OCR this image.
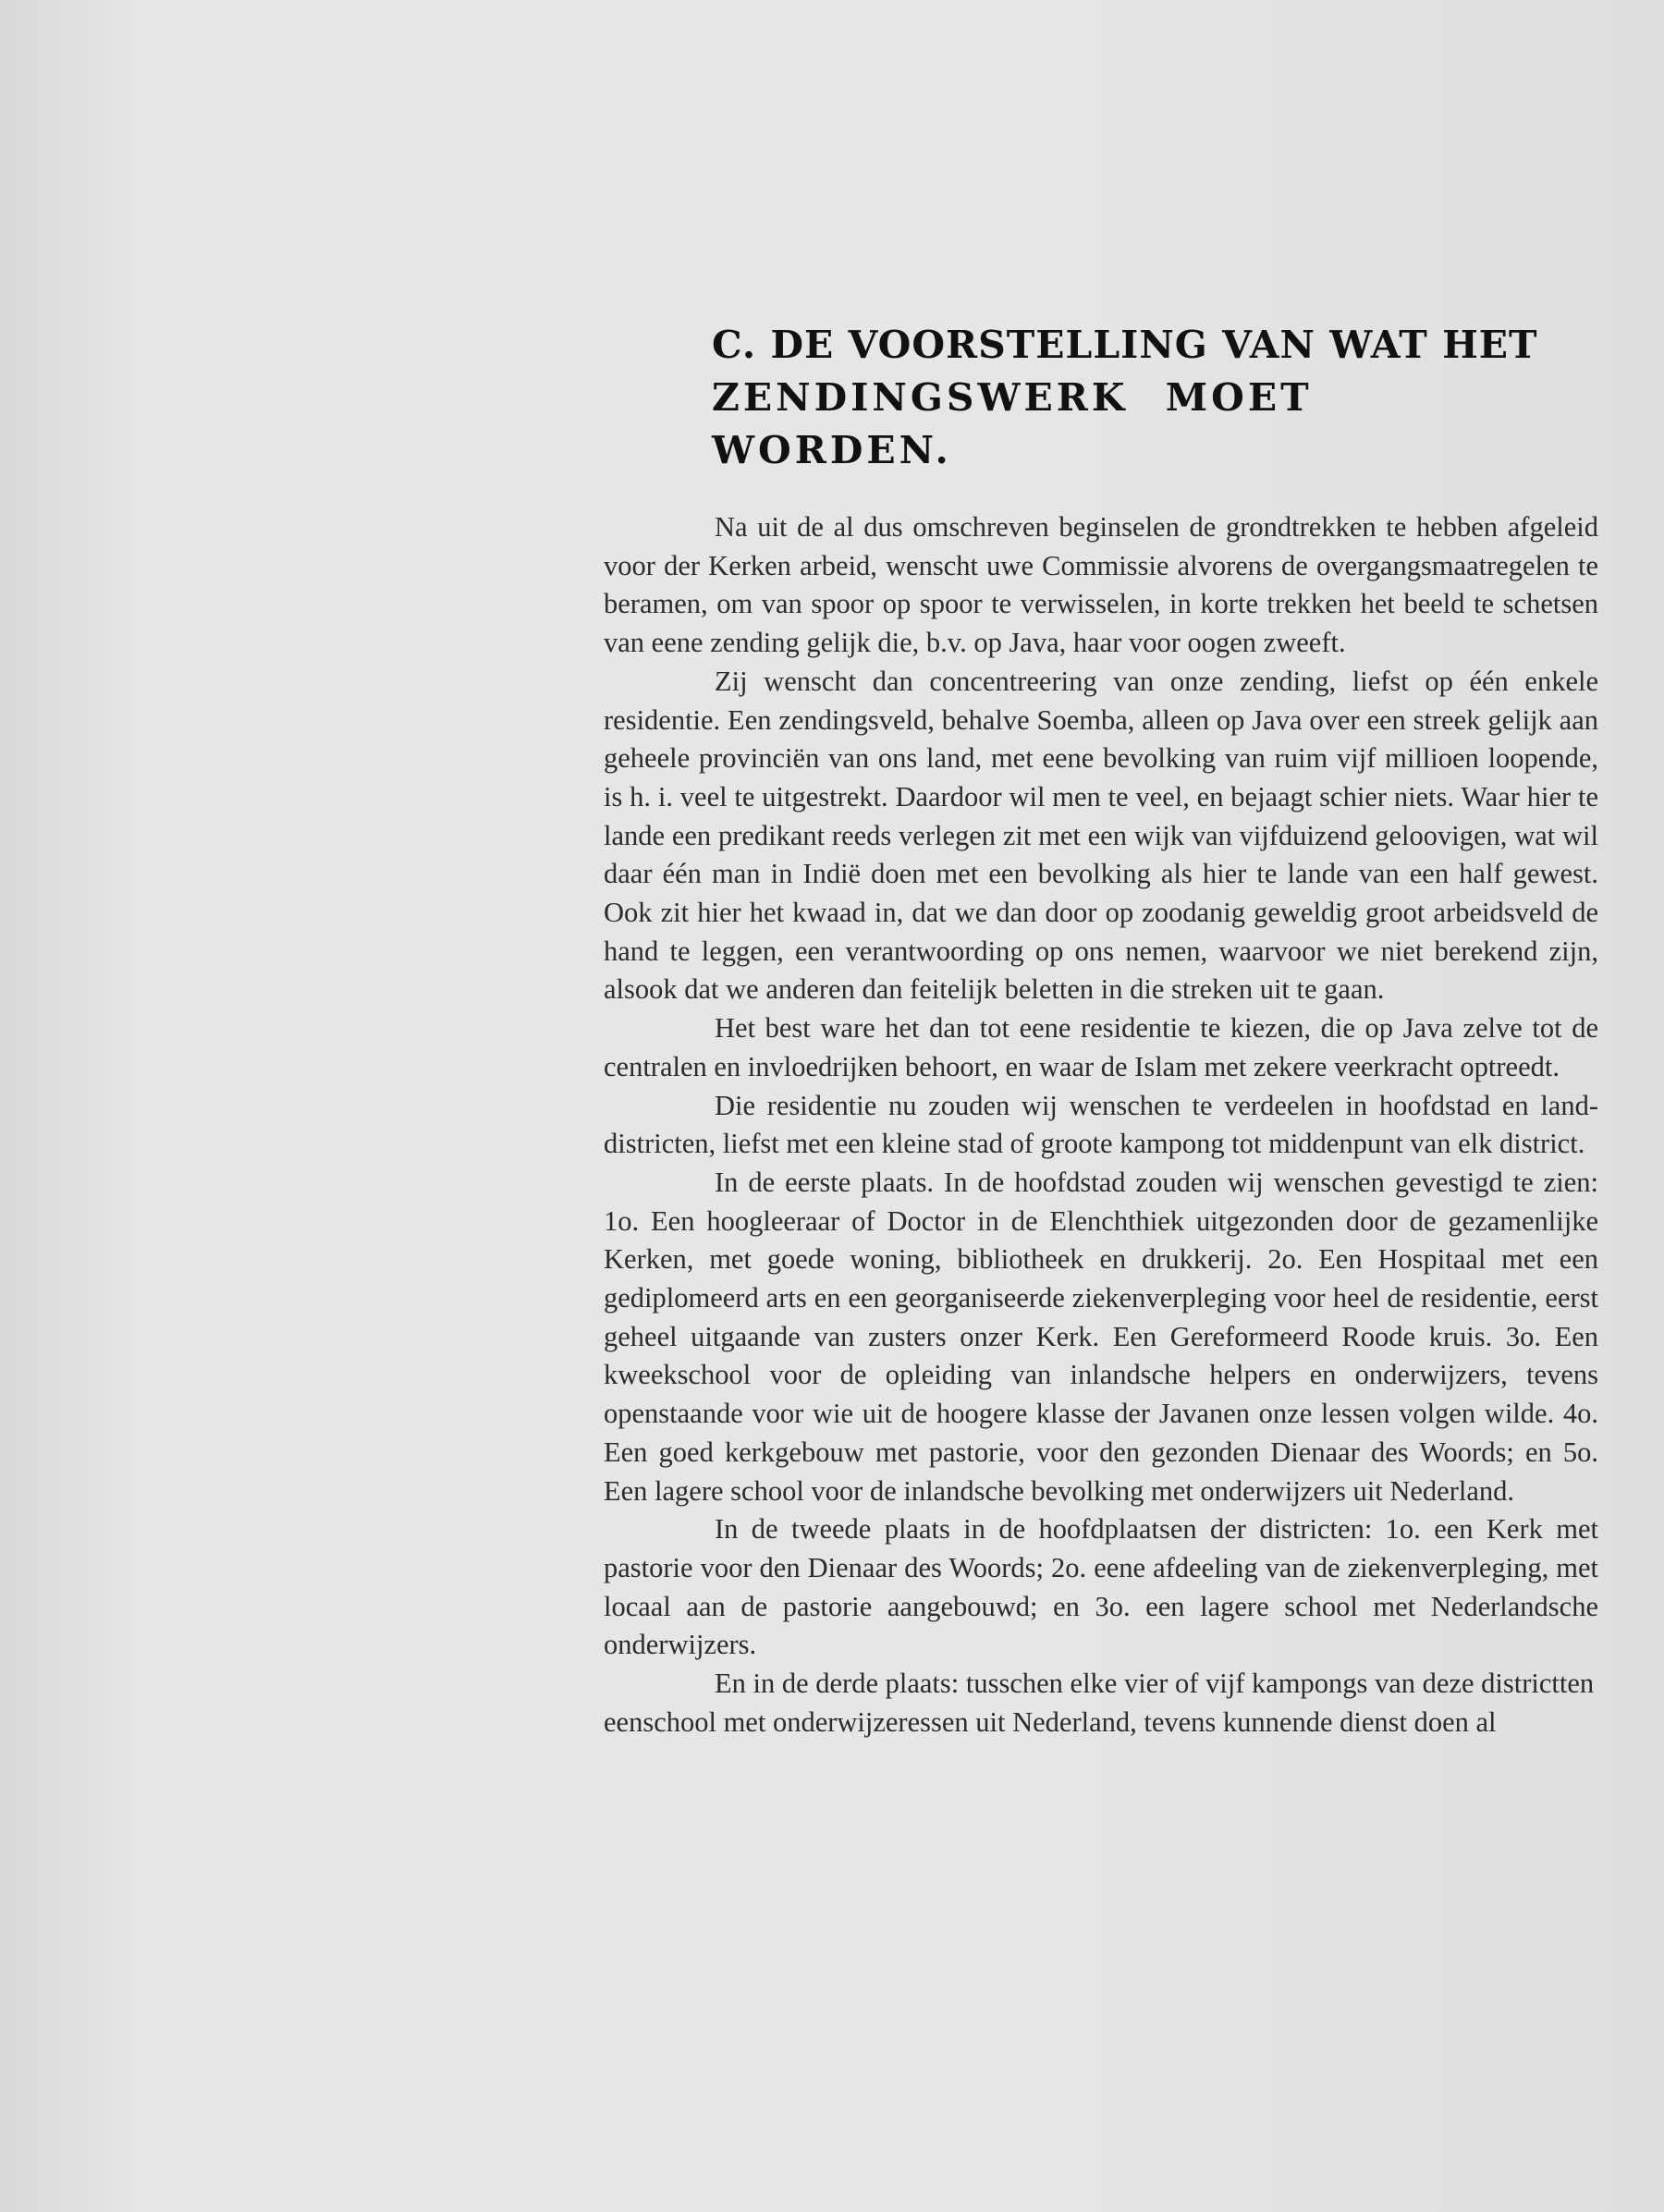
C. DE VOORSTELLING VAN WAT HET
ZENDINGSWERK MOET WORDEN.

Na uit de al dus omschreven beginselen de grondtrekken te hebben afgeleid voor der Kerken arbeid, wenscht uwe Commissie alvorens de overgangsmaatregelen te beramen, om van spoor op spoor te verwisselen, in korte trekken het beeld te schetsen van eene zending gelijk die, b.v. op Java, haar voor oogen zweeft.

Zij wenscht dan concentreering van onze zending, liefst op één enkele residentie. Een zendingsveld, behalve Soemba, alleen op Java over een streek gelijk aan geheele provinciën van ons land, met eene bevolking van ruim vijf millioen loopende, is h. i. veel te uitgestrekt. Daardoor wil men te veel, en bejaagt schier niets. Waar hier te lande een predikant reeds verlegen zit met een wijk van vijfduizend geloovigen, wat wil daar één man in Indië doen met een bevolking als hier te lande van een half gewest. Ook zit hier het kwaad in, dat we dan door op zoodanig geweldig groot arbeidsveld de hand te leggen, een verantwoording op ons nemen, waarvoor we niet berekend zijn, alsook dat we anderen dan feitelijk beletten in die streken uit te gaan.

Het best ware het dan tot eene residentie te kiezen, die op Java zelve tot de centralen en invloedrijken behoort, en waar de Islam met zekere veerkracht optreedt.

Die residentie nu zouden wij wenschen te verdeelen in hoofdstad en land-districten, liefst met een kleine stad of groote kampong tot middenpunt van elk district.

In de eerste plaats. In de hoofdstad zouden wij wenschen gevestigd te zien: 1o. Een hoogleeraar of Doctor in de Elenchthiek uitgezonden door de gezamenlijke Kerken, met goede woning, bibliotheek en drukkerij. 2o. Een Hospitaal met een gediplomeerd arts en een georganiseerde ziekenverpleging voor heel de residentie, eerst geheel uitgaande van zusters onzer Kerk. Een Gereformeerd Roode kruis. 3o. Een kweekschool voor de opleiding van inlandsche helpers en onderwijzers, tevens openstaande voor wie uit de hoogere klasse der Javanen onze lessen volgen wilde. 4o. Een goed kerkgebouw met pastorie, voor den gezonden Dienaar des Woords; en 5o. Een lagere school voor de inlandsche bevolking met onderwijzers uit Nederland.

In de tweede plaats in de hoofdplaatsen der districten: 1o. een Kerk met pastorie voor den Dienaar des Woords; 2o. eene afdeeling van de ziekenverpleging, met locaal aan de pastorie aangebouwd; en 3o. een lagere school met Nederlandsche onderwijzers.

En in de derde plaats: tusschen elke vier of vijf kampongs van deze districtten eenschool met onderwijzeressen uit Nederland, tevens kunnende dienst doen al
